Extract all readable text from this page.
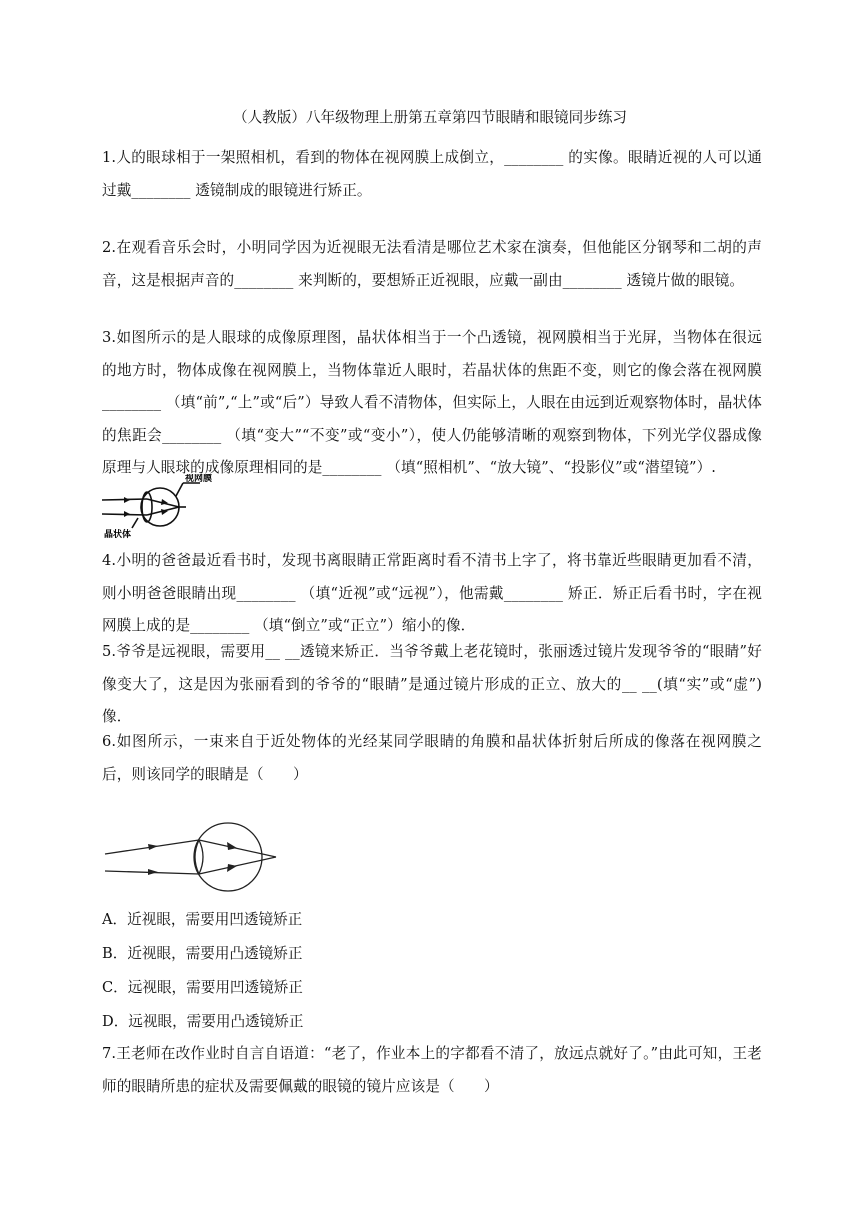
（人教版）八年级物理上册第五章第四节眼睛和眼镜同步练习
1.人的眼球相于一架照相机，看到的物体在视网膜上成倒立，________ 的实像。眼睛近视的人可以通过戴________ 透镜制成的眼镜进行矫正。
2.在观看音乐会时，小明同学因为近视眼无法看清是哪位艺术家在演奏，但他能区分钢琴和二胡的声音，这是根据声音的________ 来判断的，要想矫正近视眼，应戴一副由________ 透镜片做的眼镜。
3.如图所示的是人眼球的成像原理图，晶状体相当于一个凸透镜，视网膜相当于光屏，当物体在很远的地方时，物体成像在视网膜上，当物体靠近人眼时，若晶状体的焦距不变，则它的像会落在视网膜________ （填“前”,“上”或“后”）导致人看不清物体，但实际上，人眼在由远到近观察物体时，晶状体的焦距会________ （填“变大”“不变”或“变小”），使人仍能够清晰的观察到物体，下列光学仪器成像原理与人眼球的成像原理相同的是________ （填“照相机”、“放大镜”、“投影仪”或“潜望镜”）.
视网膜
晶状体
4.小明的爸爸最近看书时，发现书离眼睛正常距离时看不清书上字了，将书靠近些眼睛更加看不清，则小明爸爸眼睛出现________ （填“近视”或“远视”），他需戴________ 矫正．矫正后看书时，字在视网膜上成的是________ （填“倒立”或“正立”）缩小的像．
5.爷爷是远视眼，需要用__ __透镜来矫正．当爷爷戴上老花镜时，张丽透过镜片发现爷爷的“眼睛”好像变大了，这是因为张丽看到的爷爷的“眼睛”是通过镜片形成的正立、放大的__ __(填“实”或“虚”)像．
6.如图所示，一束来自于近处物体的光经某同学眼睛的角膜和晶状体折射后所成的像落在视网膜之后，则该同学的眼睛是（　　）
A．近视眼，需要用凹透镜矫正
B．近视眼，需要用凸透镜矫正
C．远视眼，需要用凹透镜矫正
D．远视眼，需要用凸透镜矫正
7.王老师在改作业时自言自语道：“老了，作业本上的字都看不清了，放远点就好了。”由此可知，王老师的眼睛所患的症状及需要佩戴的眼镜的镜片应该是（　　）
